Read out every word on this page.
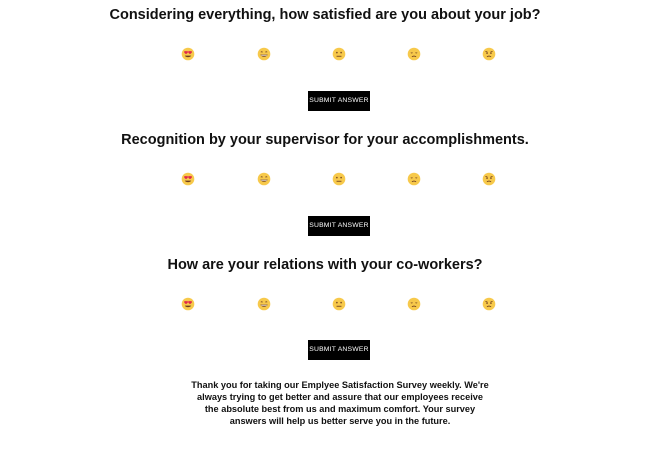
Considering everything, how satisfied are you about your job?
SUBMIT ANSWER
Recognition by your supervisor for your accomplishments.
SUBMIT ANSWER
How are your relations with your co-workers?
SUBMIT ANSWER
Thank you for taking our Emplyee Satisfaction Survey weekly. We're always trying to get better and assure that our employees receive the absolute best from us and maximum comfort. Your survey answers will help us better serve you in the future.
